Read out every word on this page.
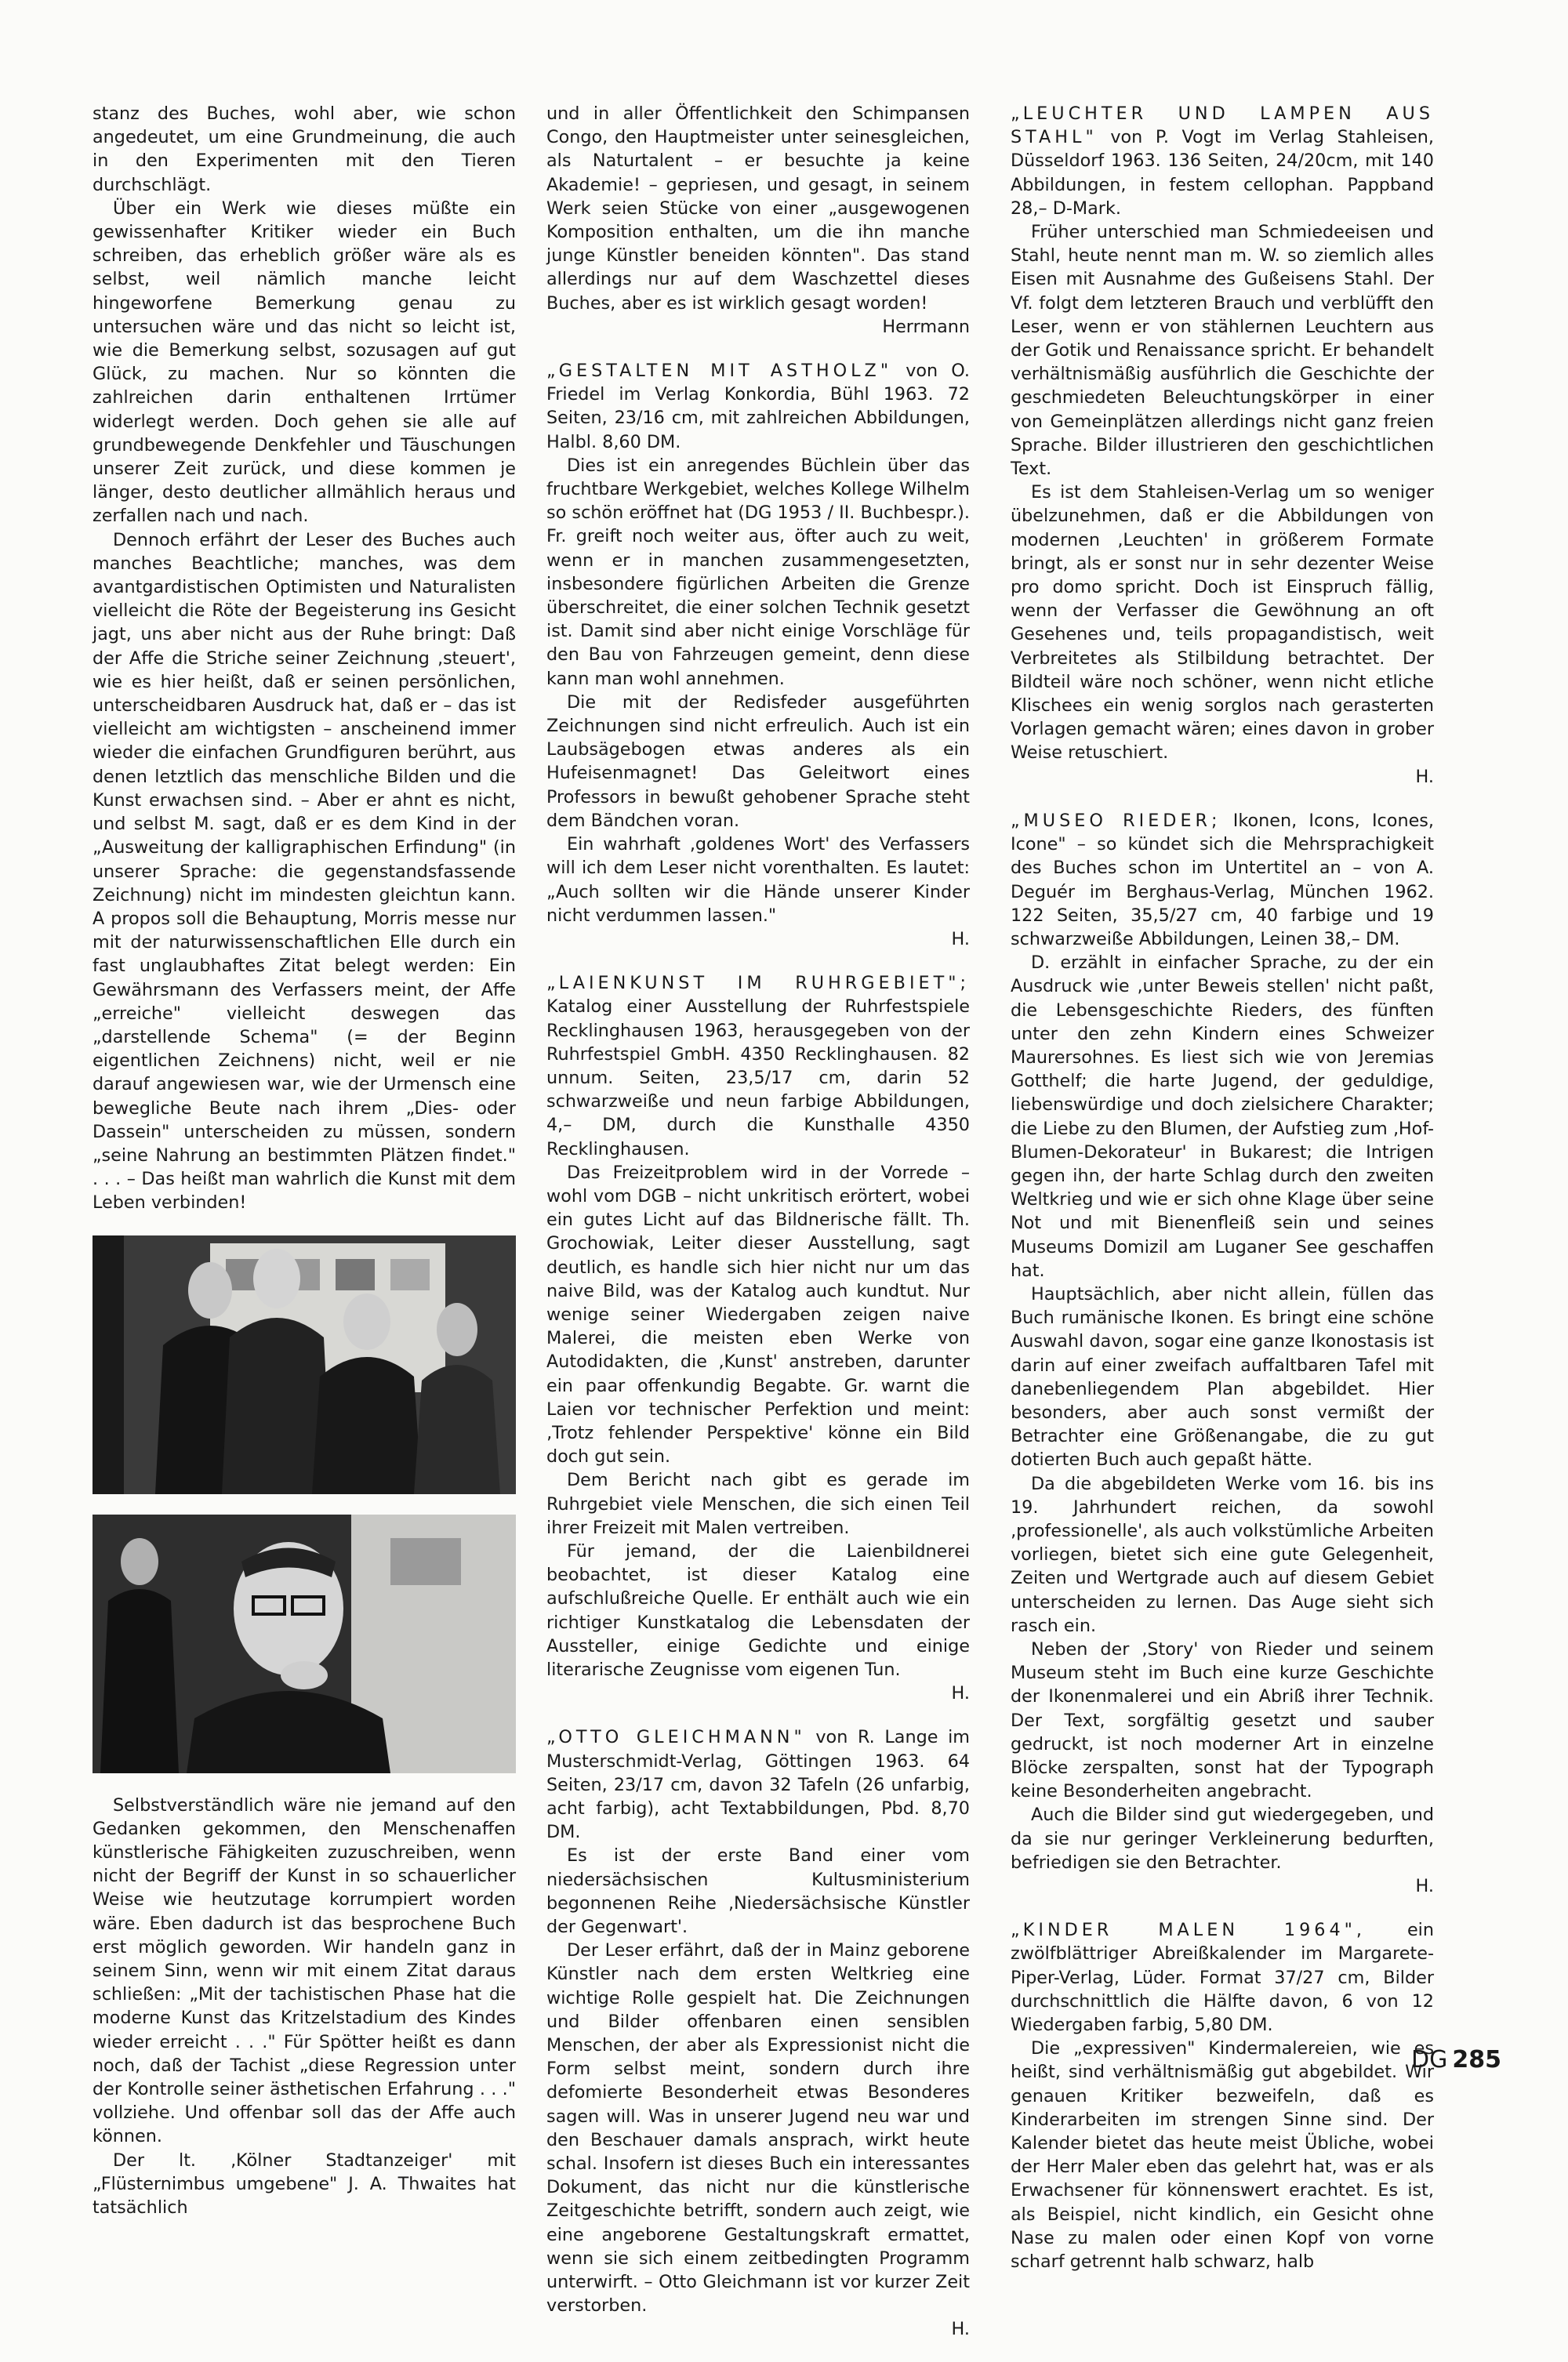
stanz des Buches, wohl aber, wie schon angedeutet, um eine Grundmeinung, die auch in den Experimenten mit den Tieren durchschlägt.

Über ein Werk wie dieses müßte ein gewissenhafter Kritiker wieder ein Buch schreiben, das erheblich größer wäre als es selbst, weil nämlich manche leicht hingeworfene Bemerkung genau zu untersuchen wäre und das nicht so leicht ist, wie die Bemerkung selbst, sozusagen auf gut Glück, zu machen. Nur so könnten die zahlreichen darin enthaltenen Irrtümer widerlegt werden. Doch gehen sie alle auf grundbewegende Denkfehler und Täuschungen unserer Zeit zurück, und diese kommen je länger, desto deutlicher allmählich heraus und zerfallen nach und nach.

Dennoch erfährt der Leser des Buches auch manches Beachtliche; manches, was dem avantgardistischen Optimisten und Naturalisten vielleicht die Röte der Begeisterung ins Gesicht jagt, uns aber nicht aus der Ruhe bringt: Daß der Affe die Striche seiner Zeichnung ‚steuert', wie es hier heißt, daß er seinen persönlichen, unterscheidbaren Ausdruck hat, daß er – das ist vielleicht am wichtigsten – anscheinend immer wieder die einfachen Grundfiguren berührt, aus denen letztlich das menschliche Bilden und die Kunst erwachsen sind. – Aber er ahnt es nicht, und selbst M. sagt, daß er es dem Kind in der „Ausweitung der kalligraphischen Erfindung" (in unserer Sprache: die gegenstandsfassende Zeichnung) nicht im mindesten gleichtun kann. A propos soll die Behauptung, Morris messe nur mit der naturwissenschaftlichen Elle durch ein fast unglaubhaftes Zitat belegt werden: Ein Gewährsmann des Verfassers meint, der Affe „erreiche" vielleicht deswegen das „darstellende Schema" (= der Beginn eigentlichen Zeichnens) nicht, weil er nie darauf angewiesen war, wie der Urmensch eine bewegliche Beute nach ihrem „Dies- oder Dassein" unterscheiden zu müssen, sondern „seine Nahrung an bestimmten Plätzen findet." . . . – Das heißt man wahrlich die Kunst mit dem Leben verbinden!

Selbstverständlich wäre nie jemand auf den Gedanken gekommen, den Menschenaffen künstlerische Fähigkeiten zuzuschreiben, wenn nicht der Begriff der Kunst in so schauerlicher Weise wie heutzutage korrumpiert worden wäre. Eben dadurch ist das besprochene Buch erst möglich geworden. Wir handeln ganz in seinem Sinn, wenn wir mit einem Zitat daraus schließen: „Mit der tachistischen Phase hat die moderne Kunst das Kritzelstadium des Kindes wieder erreicht . . ." Für Spötter heißt es dann noch, daß der Tachist „diese Regression unter der Kontrolle seiner ästhetischen Erfahrung . . ." vollziehe. Und offenbar soll das der Affe auch können.

Der lt. ‚Kölner Stadtanzeiger' mit „Flüsternimbus umgebene" J. A. Thwaites hat tatsächlich

und in aller Öffentlichkeit den Schimpansen Congo, den Hauptmeister unter seinesgleichen, als Naturtalent – er besuchte ja keine Akademie! – gepriesen, und gesagt, in seinem Werk seien Stücke von einer „ausgewogenen Komposition enthalten, um die ihn manche junge Künstler beneiden könnten". Das stand allerdings nur auf dem Waschzettel dieses Buches, aber es ist wirklich gesagt worden!

Herrmann

„GESTALTEN MIT ASTHOLZ" von O. Friedel im Verlag Konkordia, Bühl 1963. 72 Seiten, 23/16 cm, mit zahlreichen Abbildungen, Halbl. 8,60 DM.

Dies ist ein anregendes Büchlein über das fruchtbare Werkgebiet, welches Kollege Wilhelm so schön eröffnet hat (DG 1953 / II. Buchbespr.). Fr. greift noch weiter aus, öfter auch zu weit, wenn er in manchen zusammengesetzten, insbesondere figürlichen Arbeiten die Grenze überschreitet, die einer solchen Technik gesetzt ist. Damit sind aber nicht einige Vorschläge für den Bau von Fahrzeugen gemeint, denn diese kann man wohl annehmen.

Die mit der Redisfeder ausgeführten Zeichnungen sind nicht erfreulich. Auch ist ein Laubsägebogen etwas anderes als ein Hufeisenmagnet! Das Geleitwort eines Professors in bewußt gehobener Sprache steht dem Bändchen voran.

Ein wahrhaft ‚goldenes Wort' des Verfassers will ich dem Leser nicht vorenthalten. Es lautet: „Auch sollten wir die Hände unserer Kinder nicht verdummen lassen."

H.

„LAIENKUNST IM RUHRGEBIET"; Katalog einer Ausstellung der Ruhrfestspiele Recklinghausen 1963, herausgegeben von der Ruhrfestspiel GmbH. 4350 Recklinghausen. 82 unnum. Seiten, 23,5/17 cm, darin 52 schwarzweiße und neun farbige Abbildungen, 4,– DM, durch die Kunsthalle 4350 Recklinghausen.

Das Freizeitproblem wird in der Vorrede – wohl vom DGB – nicht unkritisch erörtert, wobei ein gutes Licht auf das Bildnerische fällt. Th. Grochowiak, Leiter dieser Ausstellung, sagt deutlich, es handle sich hier nicht nur um das naive Bild, was der Katalog auch kundtut. Nur wenige seiner Wiedergaben zeigen naive Malerei, die meisten eben Werke von Autodidakten, die ‚Kunst' anstreben, darunter ein paar offenkundig Begabte. Gr. warnt die Laien vor technischer Perfektion und meint: ‚Trotz fehlender Perspektive' könne ein Bild doch gut sein.

Dem Bericht nach gibt es gerade im Ruhrgebiet viele Menschen, die sich einen Teil ihrer Freizeit mit Malen vertreiben.

Für jemand, der die Laienbildnerei beobachtet, ist dieser Katalog eine aufschlußreiche Quelle. Er enthält auch wie ein richtiger Kunstkatalog die Lebensdaten der Aussteller, einige Gedichte und einige literarische Zeugnisse vom eigenen Tun.

H.

„OTTO GLEICHMANN" von R. Lange im Musterschmidt-Verlag, Göttingen 1963. 64 Seiten, 23/17 cm, davon 32 Tafeln (26 unfarbig, acht farbig), acht Textabbildungen, Pbd. 8,70 DM.

Es ist der erste Band einer vom niedersächsischen Kultusministerium begonnenen Reihe ‚Niedersächsische Künstler der Gegenwart'.

Der Leser erfährt, daß der in Mainz geborene Künstler nach dem ersten Weltkrieg eine wichtige Rolle gespielt hat. Die Zeichnungen und Bilder offenbaren einen sensiblen Menschen, der aber als Expressionist nicht die Form selbst meint, sondern durch ihre defomierte Besonderheit etwas Besonderes sagen will. Was in unserer Jugend neu war und den Beschauer damals ansprach, wirkt heute schal. Insofern ist dieses Buch ein interessantes Dokument, das nicht nur die künstlerische Zeitgeschichte betrifft, sondern auch zeigt, wie eine angeborene Gestaltungskraft ermattet, wenn sie sich einem zeitbedingten Programm unterwirft. – Otto Gleichmann ist vor kurzer Zeit verstorben.

H.

„LEUCHTER UND LAMPEN AUS STAHL" von P. Vogt im Verlag Stahleisen, Düsseldorf 1963. 136 Seiten, 24/20cm, mit 140 Abbildungen, in festem cellophan. Pappband 28,– D-Mark.

Früher unterschied man Schmiedeeisen und Stahl, heute nennt man m. W. so ziemlich alles Eisen mit Ausnahme des Gußeisens Stahl. Der Vf. folgt dem letzteren Brauch und verblüfft den Leser, wenn er von stählernen Leuchtern aus der Gotik und Renaissance spricht. Er behandelt verhältnismäßig ausführlich die Geschichte der geschmiedeten Beleuchtungskörper in einer von Gemeinplätzen allerdings nicht ganz freien Sprache. Bilder illustrieren den geschichtlichen Text.

Es ist dem Stahleisen-Verlag um so weniger übelzunehmen, daß er die Abbildungen von modernen ‚Leuchten' in größerem Formate bringt, als er sonst nur in sehr dezenter Weise pro domo spricht. Doch ist Einspruch fällig, wenn der Verfasser die Gewöhnung an oft Gesehenes und, teils propagandistisch, weit Verbreitetes als Stilbildung betrachtet. Der Bildteil wäre noch schöner, wenn nicht etliche Klischees ein wenig sorglos nach gerasterten Vorlagen gemacht wären; eines davon in grober Weise retuschiert.

H.

„MUSEO RIEDER; Ikonen, Icons, Icones, Icone" – so kündet sich die Mehrsprachigkeit des Buches schon im Untertitel an – von A. Deguér im Berghaus-Verlag, München 1962. 122 Seiten, 35,5/27 cm, 40 farbige und 19 schwarzweiße Abbildungen, Leinen 38,– DM.

D. erzählt in einfacher Sprache, zu der ein Ausdruck wie ‚unter Beweis stellen' nicht paßt, die Lebensgeschichte Rieders, des fünften unter den zehn Kindern eines Schweizer Maurersohnes. Es liest sich wie von Jeremias Gotthelf; die harte Jugend, der geduldige, liebenswürdige und doch zielsichere Charakter; die Liebe zu den Blumen, der Aufstieg zum ‚Hof-Blumen-Dekorateur' in Bukarest; die Intrigen gegen ihn, der harte Schlag durch den zweiten Weltkrieg und wie er sich ohne Klage über seine Not und mit Bienenfleiß sein und seines Museums Domizil am Luganer See geschaffen hat.

Hauptsächlich, aber nicht allein, füllen das Buch rumänische Ikonen. Es bringt eine schöne Auswahl davon, sogar eine ganze Ikonostasis ist darin auf einer zweifach auffaltbaren Tafel mit danebenliegendem Plan abgebildet. Hier besonders, aber auch sonst vermißt der Betrachter eine Größenangabe, die zu gut dotierten Buch auch gepaßt hätte.

Da die abgebildeten Werke vom 16. bis ins 19. Jahrhundert reichen, da sowohl ‚professionelle', als auch volkstümliche Arbeiten vorliegen, bietet sich eine gute Gelegenheit, Zeiten und Wertgrade auch auf diesem Gebiet unterscheiden zu lernen. Das Auge sieht sich rasch ein.

Neben der ‚Story' von Rieder und seinem Museum steht im Buch eine kurze Geschichte der Ikonenmalerei und ein Abriß ihrer Technik. Der Text, sorgfältig gesetzt und sauber gedruckt, ist noch moderner Art in einzelne Blöcke zerspalten, sonst hat der Typograph keine Besonderheiten angebracht.

Auch die Bilder sind gut wiedergegeben, und da sie nur geringer Verkleinerung bedurften, befriedigen sie den Betrachter.

H.

„KINDER MALEN 1964", ein zwölfblättriger Abreißkalender im Margarete-Piper-Verlag, Lüder. Format 37/27 cm, Bilder durchschnittlich die Hälfte davon, 6 von 12 Wiedergaben farbig, 5,80 DM.

Die „expressiven" Kindermalereien, wie es heißt, sind verhältnismäßig gut abgebildet. Wir genauen Kritiker bezweifeln, daß es Kinderarbeiten im strengen Sinne sind. Der Kalender bietet das heute meist Übliche, wobei der Herr Maler eben das gelehrt hat, was er als Erwachsener für könnenswert erachtet. Es ist, als Beispiel, nicht kindlich, ein Gesicht ohne Nase zu malen oder einen Kopf von vorne scharf getrennt halb schwarz, halb

DG 285
